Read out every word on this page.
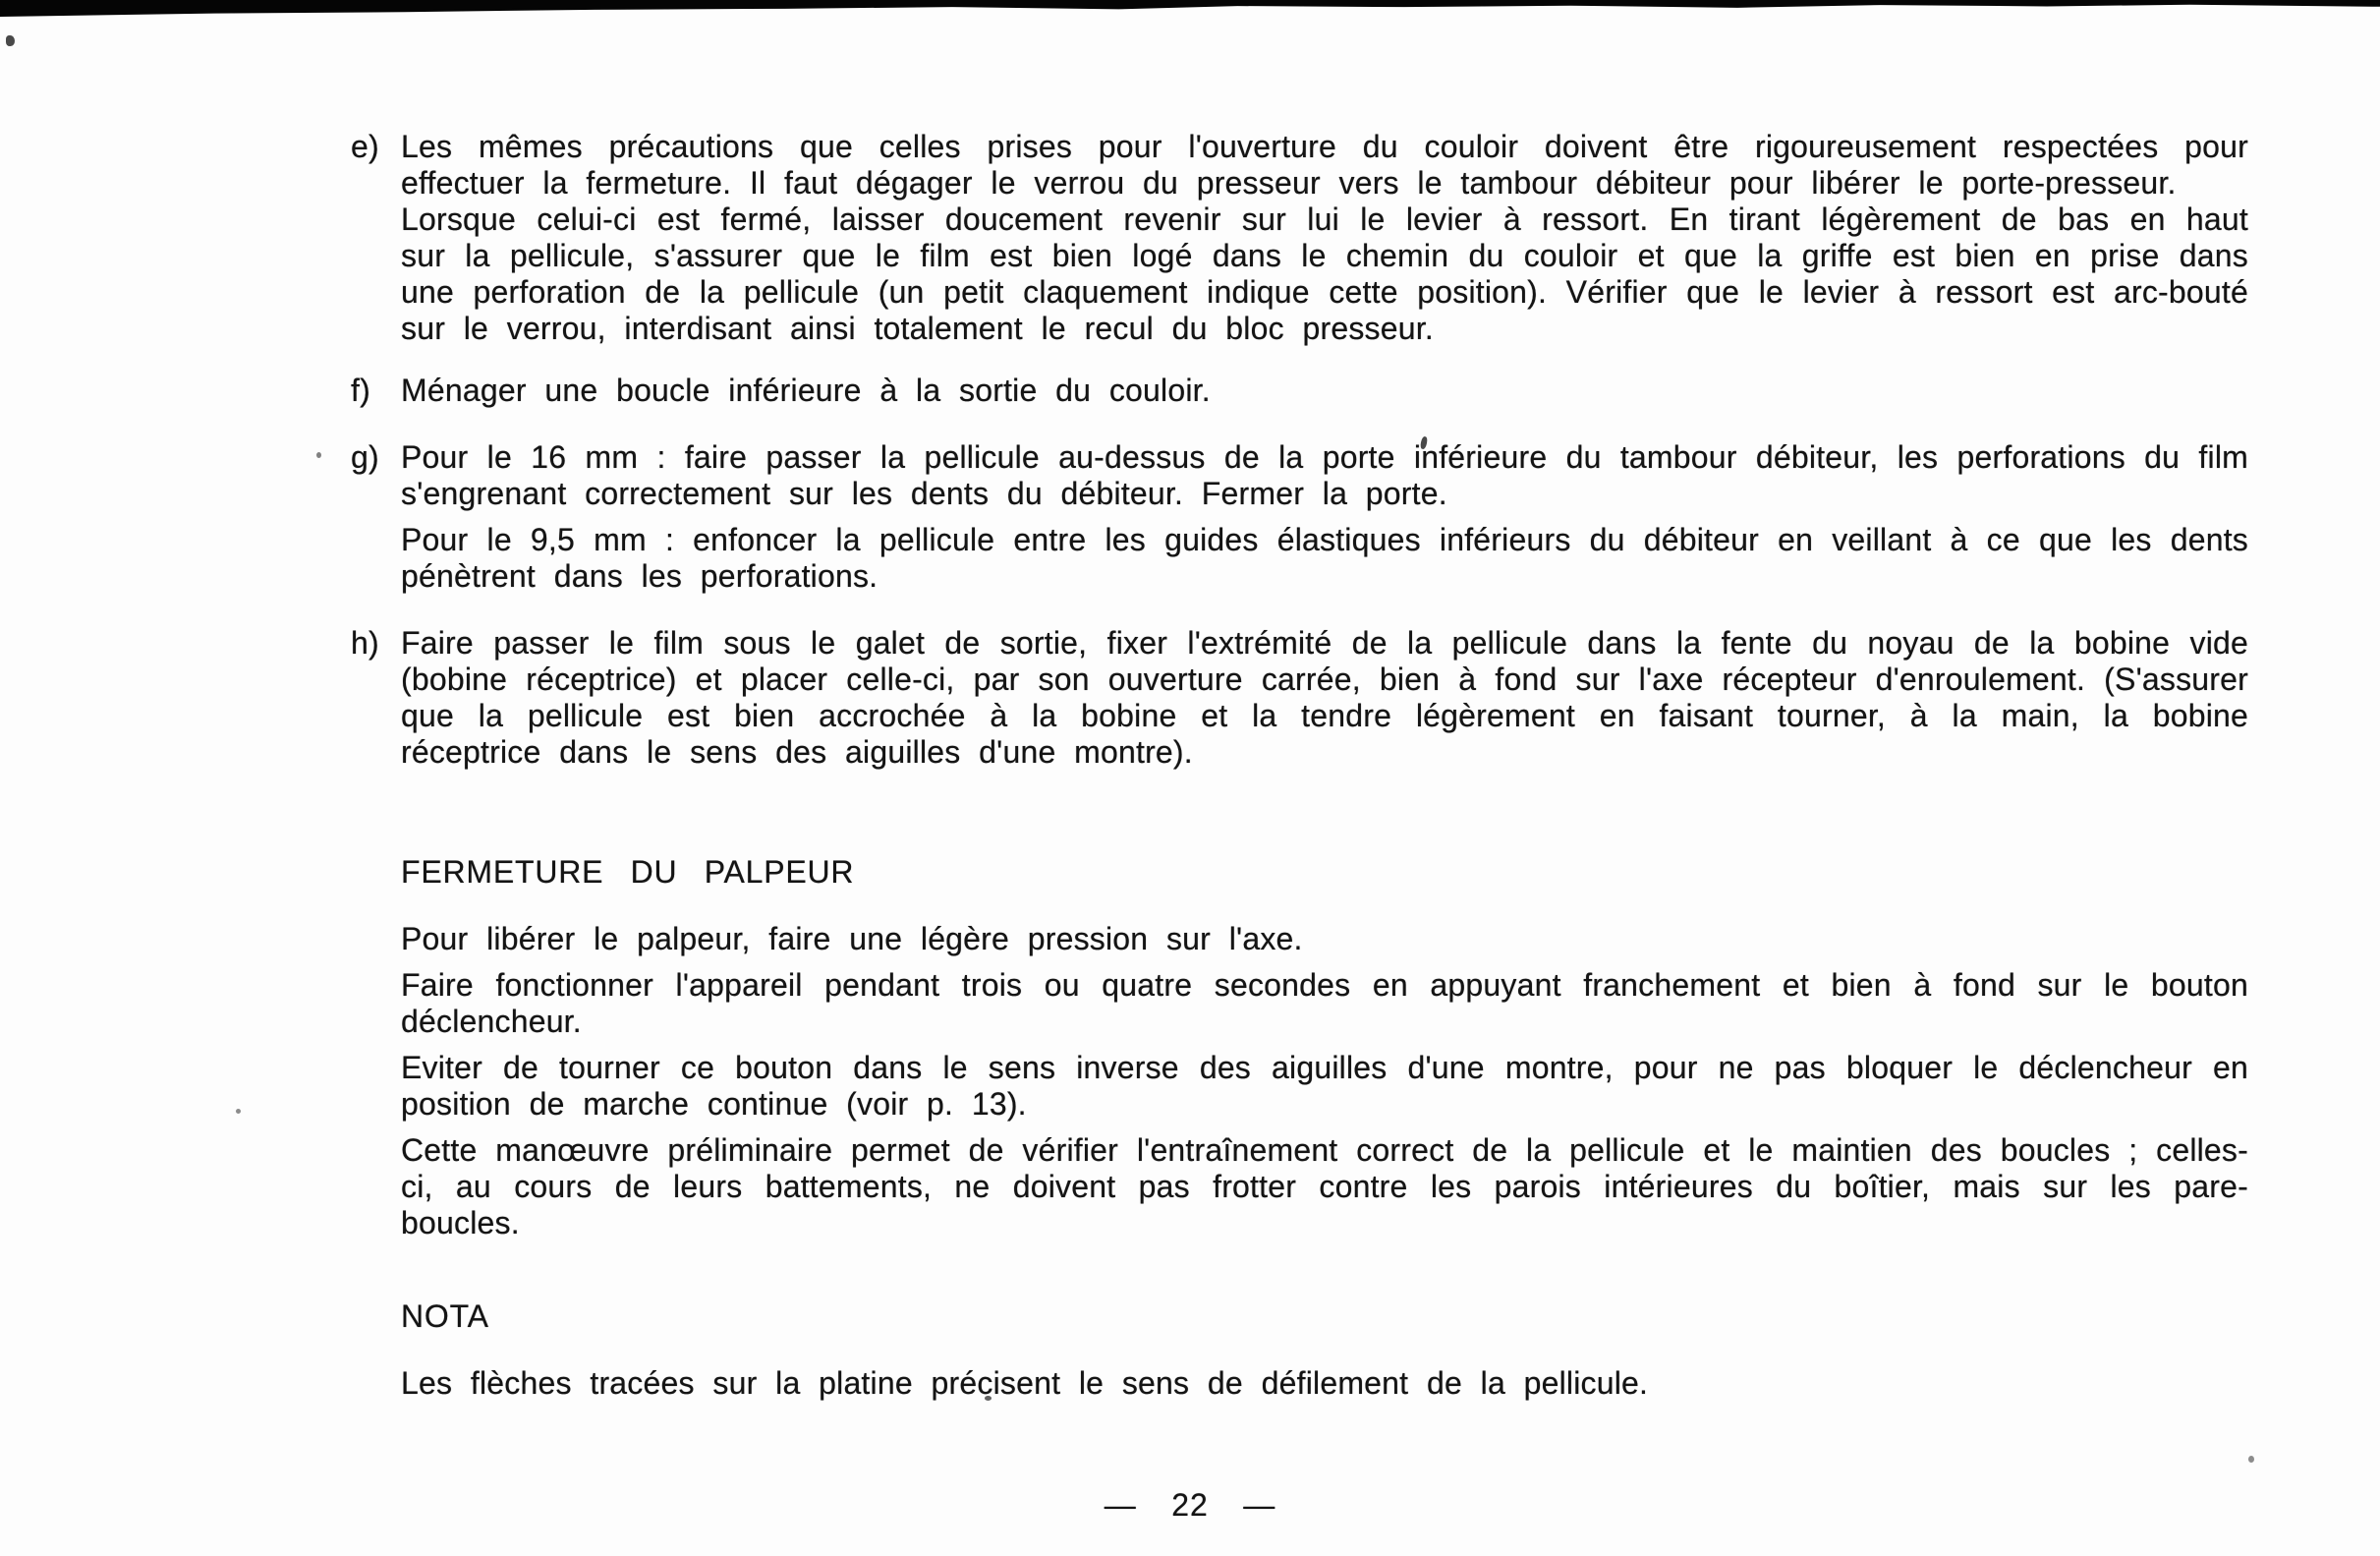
e) Les mêmes précautions que celles prises pour l'ouverture du couloir doivent être rigoureusement respectées pour effectuer la fermeture. Il faut dégager le verrou du presseur vers le tambour débiteur pour libérer le porte-presseur.

Lorsque celui-ci est fermé, laisser doucement revenir sur lui le levier à ressort. En tirant légèrement de bas en haut sur la pellicule, s'assurer que le film est bien logé dans le chemin du couloir et que la griffe est bien en prise dans une perforation de la pellicule (un petit claquement indique cette position). Vérifier que le levier à ressort est arc-bouté sur le verrou, interdisant ainsi totalement le recul du bloc presseur.

f) Ménager une boucle inférieure à la sortie du couloir.

g) Pour le 16 mm : faire passer la pellicule au-dessus de la porte inférieure du tambour débiteur, les perforations du film s'engrenant correctement sur les dents du débiteur. Fermer la porte.

Pour le 9,5 mm : enfoncer la pellicule entre les guides élastiques inférieurs du débiteur en veillant à ce que les dents pénètrent dans les perforations.

h) Faire passer le film sous le galet de sortie, fixer l'extrémité de la pellicule dans la fente du noyau de la bobine vide (bobine réceptrice) et placer celle-ci, par son ouverture carrée, bien à fond sur l'axe récepteur d'enroulement. (S'assurer que la pellicule est bien accrochée à la bobine et la tendre légèrement en faisant tourner, à la main, la bobine réceptrice dans le sens des aiguilles d'une montre).

FERMETURE DU PALPEUR

Pour libérer le palpeur, faire une légère pression sur l'axe.

Faire fonctionner l'appareil pendant trois ou quatre secondes en appuyant franchement et bien à fond sur le bouton déclencheur.

Eviter de tourner ce bouton dans le sens inverse des aiguilles d'une montre, pour ne pas bloquer le déclencheur en position de marche continue (voir p. 13).

Cette manœuvre préliminaire permet de vérifier l'entraînement correct de la pellicule et le maintien des boucles ; celles-ci, au cours de leurs battements, ne doivent pas frotter contre les parois intérieures du boîtier, mais sur les pare-boucles.

NOTA

Les flèches tracées sur la platine précisent le sens de défilement de la pellicule.

— 22 —
